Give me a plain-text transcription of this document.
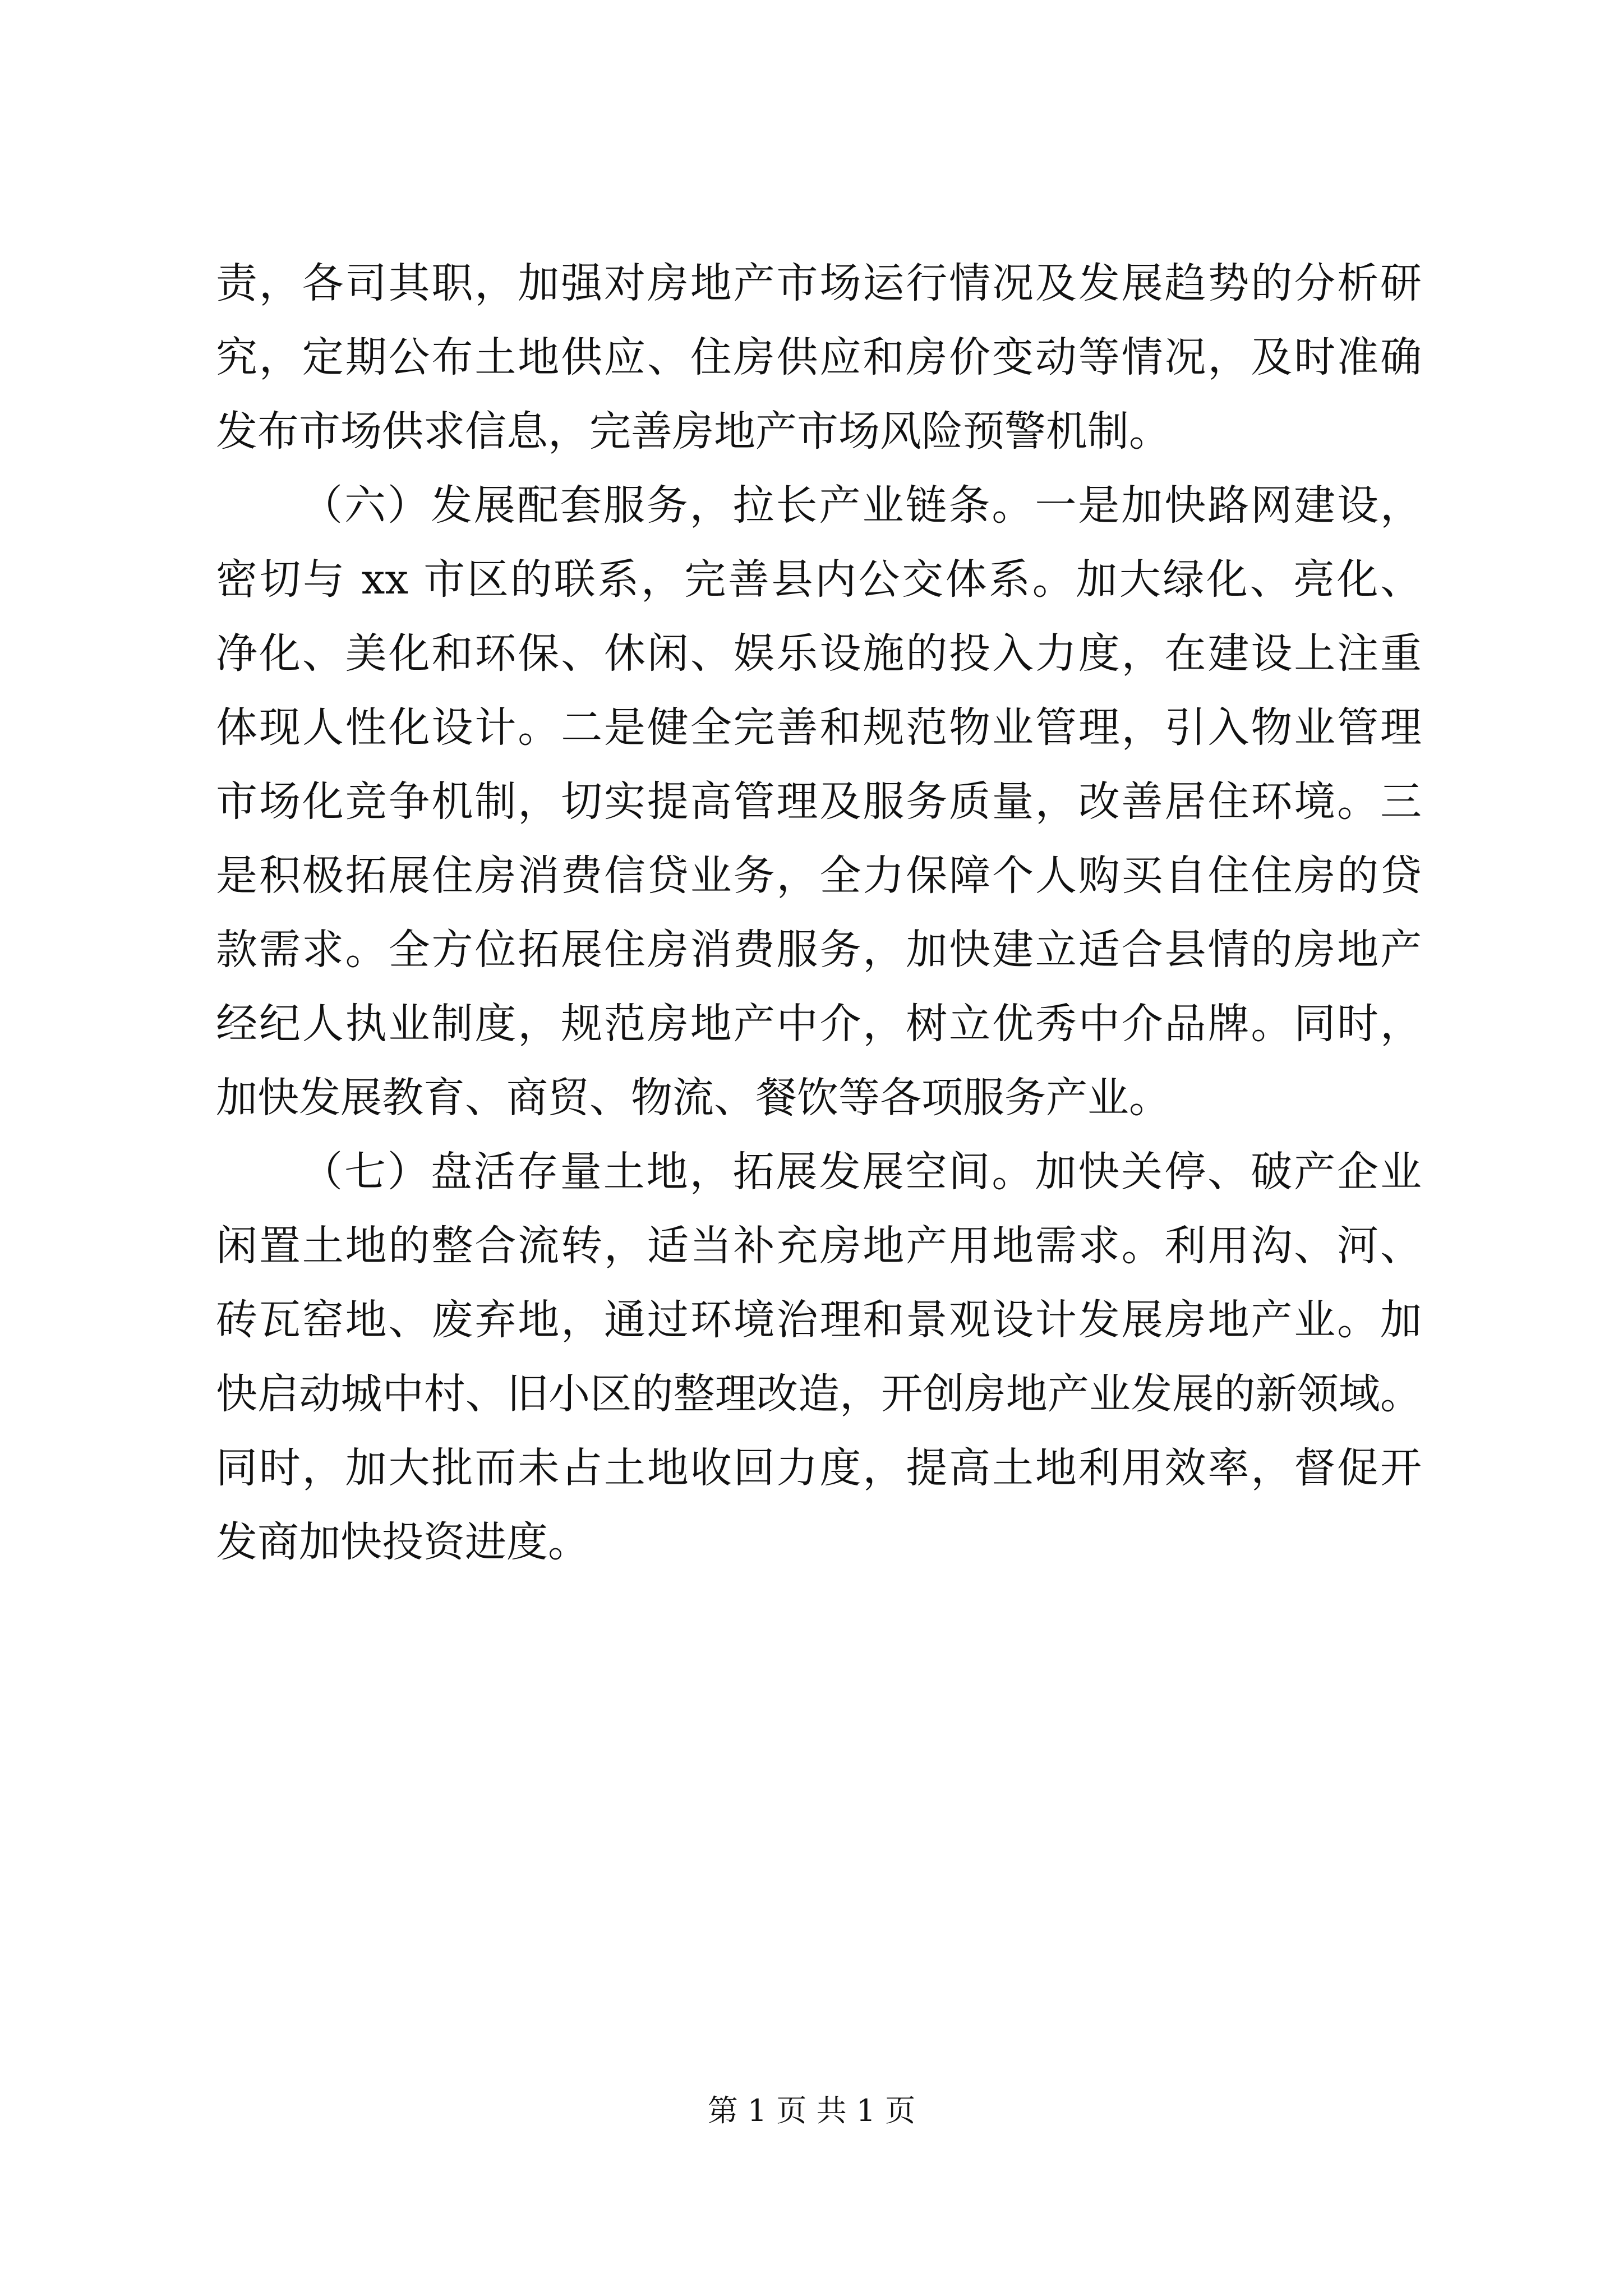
责，各司其职，加强对房地产市场运行情况及发展趋势的分析研
究，定期公布土地供应、住房供应和房价变动等情况，及时准确
发布市场供求信息，完善房地产市场风险预警机制。
（六）发展配套服务，拉长产业链条。一是加快路网建设，
密切与 xx 市区的联系，完善县内公交体系。加大绿化、亮化、
净化、美化和环保、休闲、娱乐设施的投入力度，在建设上注重
体现人性化设计。二是健全完善和规范物业管理，引入物业管理
市场化竞争机制，切实提高管理及服务质量，改善居住环境。三
是积极拓展住房消费信贷业务，全力保障个人购买自住住房的贷
款需求。全方位拓展住房消费服务，加快建立适合县情的房地产
经纪人执业制度，规范房地产中介，树立优秀中介品牌。同时，
加快发展教育、商贸、物流、餐饮等各项服务产业。
（七）盘活存量土地，拓展发展空间。加快关停、破产企业
闲置土地的整合流转，适当补充房地产用地需求。利用沟、河、
砖瓦窑地、废弃地，通过环境治理和景观设计发展房地产业。加
快启动城中村、旧小区的整理改造，开创房地产业发展的新领域。
同时，加大批而未占土地收回力度，提高土地利用效率，督促开
发商加快投资进度。
第 1 页 共 1 页
